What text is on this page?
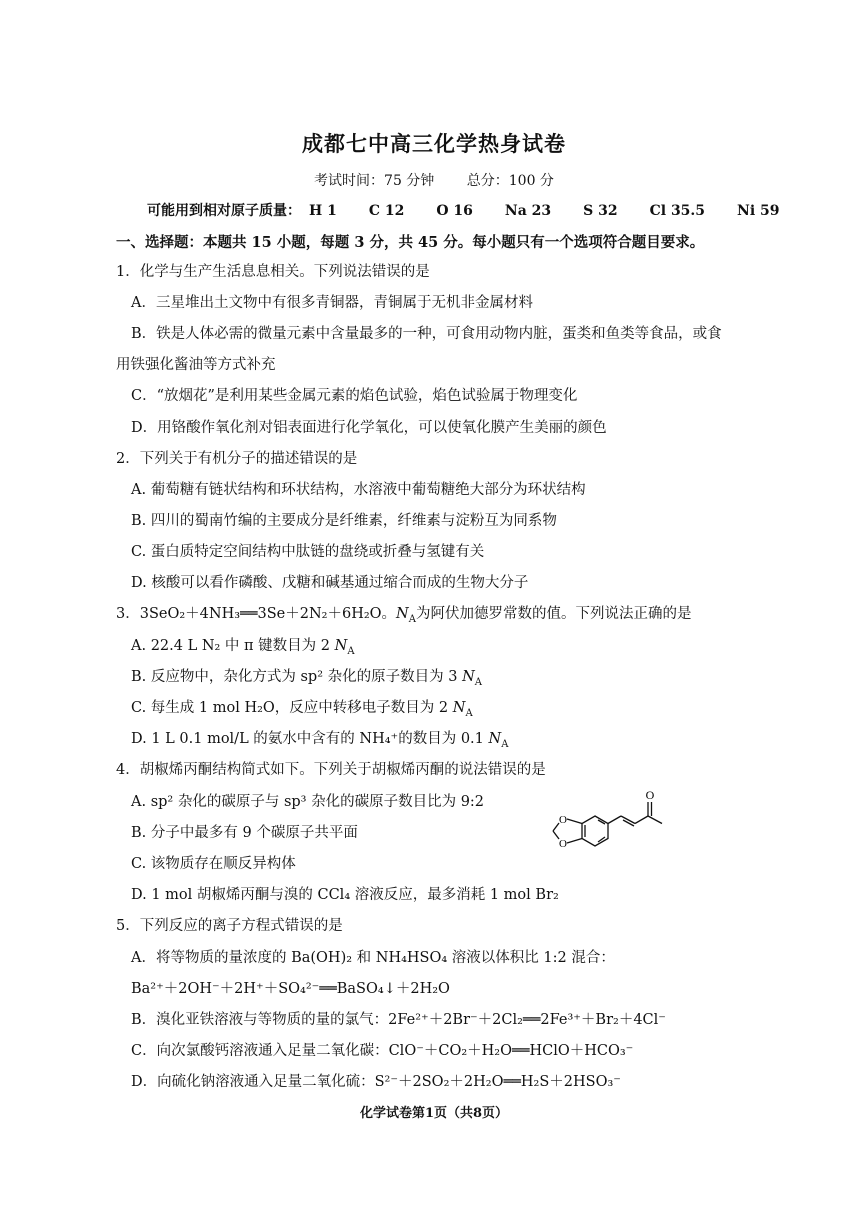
成都七中高三化学热身试卷
考试时间：75 分钟 总分：100 分
可能用到相对原子质量： H 1 C 12 O 16 Na 23 S 32 Cl 35.5 Ni 59
一、选择题：本题共 15 小题，每题 3 分，共 45 分。每小题只有一个选项符合题目要求。
1．化学与生产生活息息相关。下列说法错误的是
A．三星堆出土文物中有很多青铜器，青铜属于无机非金属材料
B．铁是人体必需的微量元素中含量最多的一种，可食用动物内脏，蛋类和鱼类等食品，或食
用铁强化酱油等方式补充
C．“放烟花”是利用某些金属元素的焰色试验，焰色试验属于物理变化
D．用铬酸作氧化剂对铝表面进行化学氧化，可以使氧化膜产生美丽的颜色
2．下列关于有机分子的描述错误的是
A. 葡萄糖有链状结构和环状结构，水溶液中葡萄糖绝大部分为环状结构
B. 四川的蜀南竹编的主要成分是纤维素，纤维素与淀粉互为同系物
C. 蛋白质特定空间结构中肽链的盘绕或折叠与氢键有关
D. 核酸可以看作磷酸、戊糖和碱基通过缩合而成的生物大分子
3．3SeO₂＋4NH₃══3Se＋2N₂＋6H₂O。$N_A$为阿伏加德罗常数的值。下列说法正确的是
A. 22.4 L N₂ 中 π 键数目为 2 $N_A$
B. 反应物中，杂化方式为 sp² 杂化的原子数目为 3 $N_A$
C. 每生成 1 mol H₂O，反应中转移电子数目为 2 $N_A$
D. 1 L 0.1 mol/L 的氨水中含有的 NH₄⁺的数目为 0.1 $N_A$
4．胡椒烯丙酮结构简式如下。下列关于胡椒烯丙酮的说法错误的是
A. sp² 杂化的碳原子与 sp³ 杂化的碳原子数目比为 9:2
B. 分子中最多有 9 个碳原子共平面
C. 该物质存在顺反异构体
D. 1 mol 胡椒烯丙酮与溴的 CCl₄ 溶液反应，最多消耗 1 mol Br₂
O
O
O
5．下列反应的离子方程式错误的是
A．将等物质的量浓度的 Ba(OH)₂ 和 NH₄HSO₄ 溶液以体积比 1:2 混合：
Ba²⁺＋2OH⁻＋2H⁺＋SO₄²⁻══BaSO₄↓＋2H₂O
B．溴化亚铁溶液与等物质的量的氯气：2Fe²⁺＋2Br⁻＋2Cl₂══2Fe³⁺＋Br₂＋4Cl⁻
C．向次氯酸钙溶液通入足量二氧化碳：ClO⁻＋CO₂＋H₂O══HClO＋HCO₃⁻
D．向硫化钠溶液通入足量二氧化硫：S²⁻＋2SO₂＋2H₂O══H₂S＋2HSO₃⁻
化学试卷第1页（共8页）
